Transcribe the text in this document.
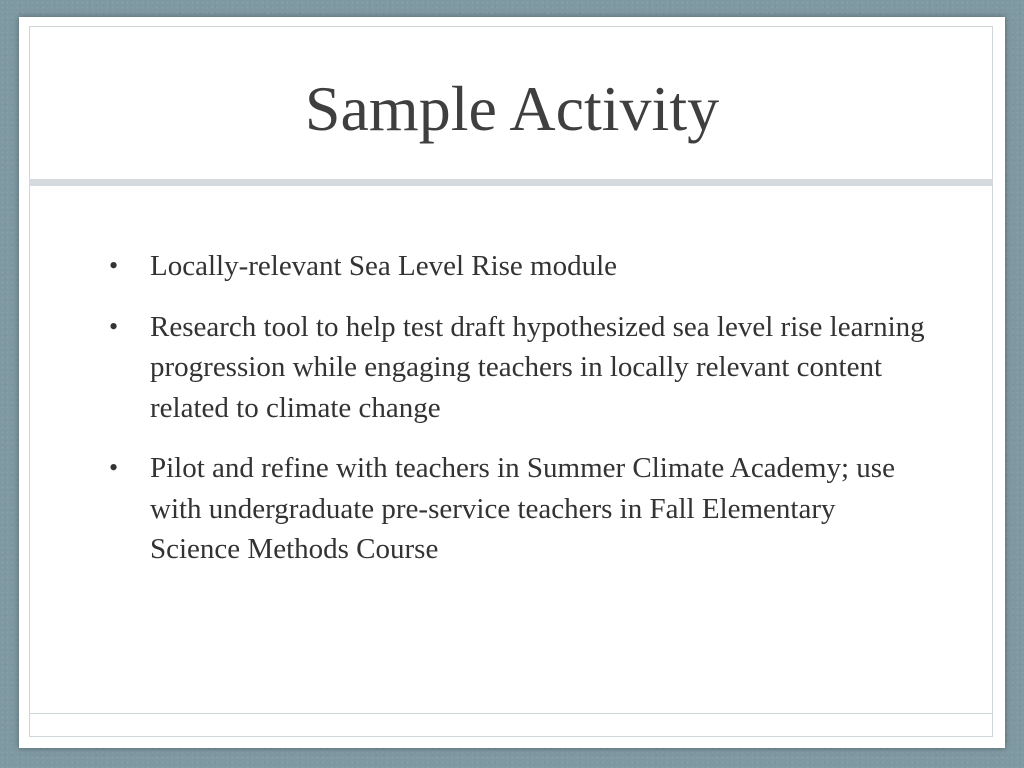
Sample Activity
• Locally-relevant Sea Level Rise module
• Research tool to help test draft hypothesized sea level rise learning progression while engaging teachers in locally relevant content related to climate change
• Pilot and refine with teachers in Summer Climate Academy; use with undergraduate pre-service teachers in Fall Elementary Science Methods Course
